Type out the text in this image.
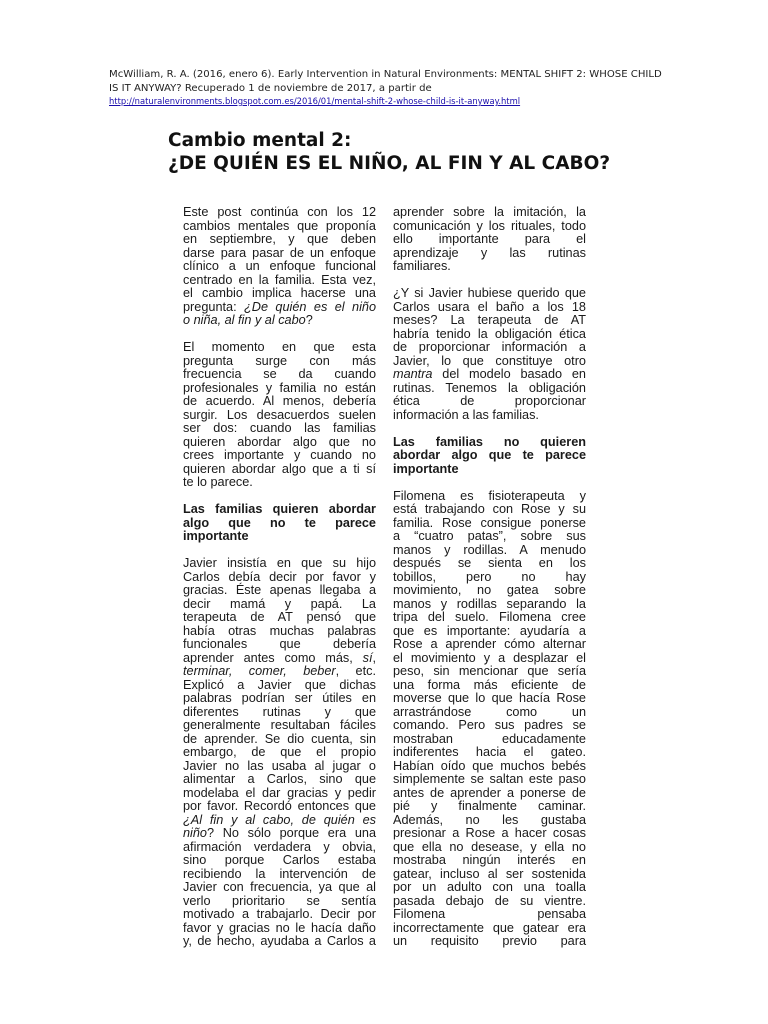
McWilliam, R. A. (2016, enero 6). Early Intervention in Natural Environments: MENTAL SHIFT 2: WHOSE CHILD
IS IT ANYWAY? Recuperado 1 de noviembre de 2017, a partir de
http://naturalenvironments.blogspot.com.es/2016/01/mental-shift-2-whose-child-is-it-anyway.html
Cambio mental 2:
¿DE QUIÉN ES EL NIÑO, AL FIN Y AL CABO?
Este post continúa con los 12
cambios mentales que proponía
en septiembre, y que deben
darse para pasar de un enfoque
clínico a un enfoque funcional
centrado en la familia. Esta vez,
el cambio implica hacerse una
pregunta: ¿De quién es el niño
o niña, al fin y al cabo?
El momento en que esta
pregunta surge con más
frecuencia se da cuando
profesionales y familia no están
de acuerdo. Al menos, debería
surgir. Los desacuerdos suelen
ser dos: cuando las familias
quieren abordar algo que no
crees importante y cuando no
quieren abordar algo que a ti sí
te lo parece.
Las familias quieren abordar
algo que no te parece
importante
Javier insistía en que su hijo
Carlos debía decir por favor y
gracias. Éste apenas llegaba a
decir mamá y papá. La
terapeuta de AT pensó que
había otras muchas palabras
funcionales que debería
aprender antes como más, sí,
terminar, comer, beber, etc.
Explicó a Javier que dichas
palabras podrían ser útiles en
diferentes rutinas y que
generalmente resultaban fáciles
de aprender. Se dio cuenta, sin
embargo, de que el propio
Javier no las usaba al jugar o
alimentar a Carlos, sino que
modelaba el dar gracias y pedir
por favor. Recordó entonces que
¿Al fin y al cabo, de quién es
niño? No sólo porque era una
afirmación verdadera y obvia,
sino porque Carlos estaba
recibiendo la intervención de
Javier con frecuencia, ya que al
verlo prioritario se sentía
motivado a trabajarlo. Decir por
favor y gracias no le hacía daño
y, de hecho, ayudaba a Carlos a
aprender sobre la imitación, la
comunicación y los rituales, todo
ello importante para el
aprendizaje y las rutinas
familiares.
¿Y si Javier hubiese querido que
Carlos usara el baño a los 18
meses? La terapeuta de AT
habría tenido la obligación ética
de proporcionar información a
Javier, lo que constituye otro
mantra del modelo basado en
rutinas. Tenemos la obligación
ética de proporcionar
información a las familias.
Las familias no quieren
abordar algo que te parece
importante
Filomena es fisioterapeuta y
está trabajando con Rose y su
familia. Rose consigue ponerse
a “cuatro patas”, sobre sus
manos y rodillas. A menudo
después se sienta en los
tobillos, pero no hay
movimiento, no gatea sobre
manos y rodillas separando la
tripa del suelo. Filomena cree
que es importante: ayudaría a
Rose a aprender cómo alternar
el movimiento y a desplazar el
peso, sin mencionar que sería
una forma más eficiente de
moverse que lo que hacía Rose
arrastrándose como un
comando. Pero sus padres se
mostraban educadamente
indiferentes hacia el gateo.
Habían oído que muchos bebés
simplemente se saltan este paso
antes de aprender a ponerse de
pié y finalmente caminar.
Además, no les gustaba
presionar a Rose a hacer cosas
que ella no desease, y ella no
mostraba ningún interés en
gatear, incluso al ser sostenida
por un adulto con una toalla
pasada debajo de su vientre.
Filomena pensaba
incorrectamente que gatear era
un requisito previo para
